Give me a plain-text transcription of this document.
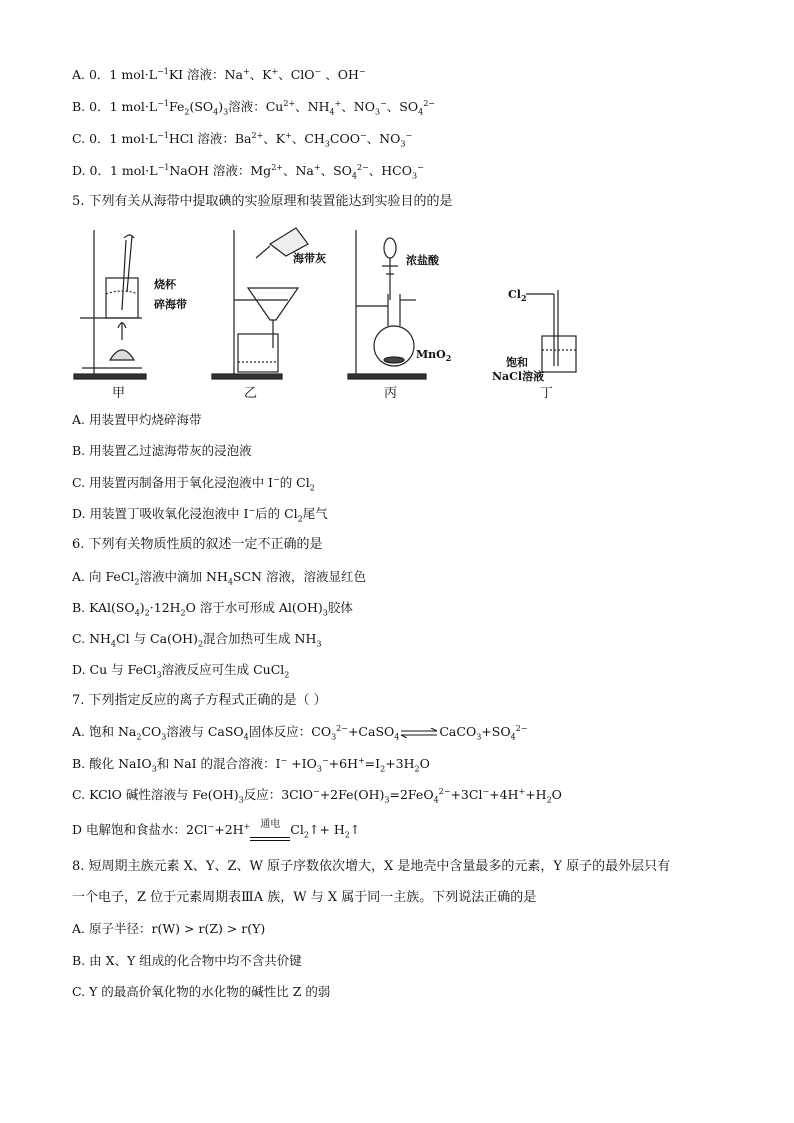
A. 0．1 $mol\cdot L^{-1}KI$ 溶液：Na+、K+、ClO− 、OH−
B. 0．1 $mol\cdot L^{-1}Fe_2(SO_4)_3$溶液：$Cu^{2+}$、$NH_4^+$、$NO_3^-$、$SO_4^{2-}$
C. 0．1 $mol\cdot L^{-1}HCl$ 溶液：$Ba^{2+}$、K+、$CH_3COO^-$、$NO_3^-$
D. 0．1 $mol\cdot L^{-1}NaOH$ 溶液：$Mg^{2+}$、Na+、$SO_4^{2-}$、$HCO_3^-$
5. 下列有关从海带中提取碘的实验原理和装置能达到实验目的的是
烧杯
碎海带
海带灰	浓盐酸
MnO$_2$
$Cl_2$
饱和
NaCl溶液
甲	乙	丙	丁
A. 用装置甲灼烧碎海带
B. 用装置乙过滤海带灰的浸泡液
C. 用装置丙制备用于氧化浸泡液中 I−的 $Cl_2$
D. 用装置丁吸收氧化浸泡液中 I−后的 $Cl_2$尾气
6. 下列有关物质性质的叙述一定不正确的是
A. 向 FeCl$_2$溶液中滴加 $NH_4SCN$ 溶液，溶液显红色
B. $KAl(SO_4)_2\cdot 12H_2O$ 溶于水可形成 $Al(OH)_3$胶体
C. $NH_4Cl$ 与 $Ca(OH)_2$混合加热可生成 $NH_3$
D. Cu 与 FeCl$_3$溶液反应可生成 CuCl$_2$
7. 下列指定反应的离子方程式正确的是（ ）
A. 饱和 $Na_2CO_3$溶液与 CaSO$_4$固体反应：$CO_3^{2-}+CaSO_4\rightleftharpoons CaCO_3+SO_4^{2-}$
B. 酸化 NaIO$_3$和 NaI 的混合溶液：$I^- +IO_3^-+6H^+=I_2+3H_2O$
C. KClO 碱性溶液与 $Fe(OH)_3$反应：$3ClO^-+2Fe(OH)_3=2FeO_4^{2-}+3Cl^-+4H^++H_2O$
D 电解饱和食盐水：2Cl−+2H+ 通电 $Cl_2↑+$ $H_2↑$
8. 短周期主族元素 X、Y、Z、W 原子序数依次增大，X 是地壳中含量最多的元素，Y 原子的最外层只有
一个电子，Z 位于元素周期表ⅢA 族，W 与 X 属于同一主族。下列说法正确的是
A. 原子半径：r(W) > r(Z) > r(Y)
B. 由 X、Y 组成的化合物中均不含共价键
C. Y 的最高价氧化物的水化物的碱性比 Z 的弱
